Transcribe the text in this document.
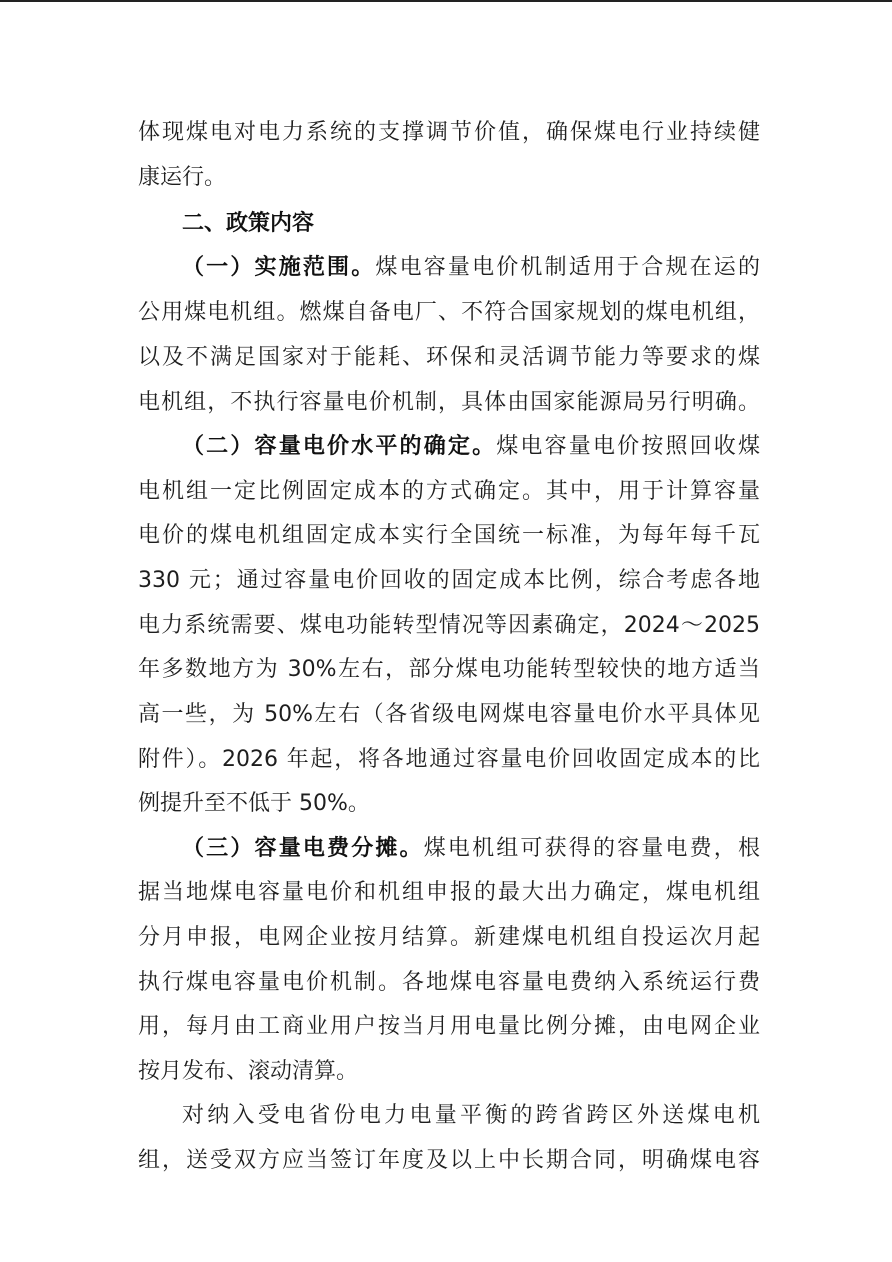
体现煤电对电力系统的支撑调节价值，确保煤电行业持续健
康运行。
二、政策内容
（一）实施范围。煤电容量电价机制适用于合规在运的
公用煤电机组。燃煤自备电厂、不符合国家规划的煤电机组，
以及不满足国家对于能耗、环保和灵活调节能力等要求的煤
电机组，不执行容量电价机制，具体由国家能源局另行明确。
（二）容量电价水平的确定。煤电容量电价按照回收煤
电机组一定比例固定成本的方式确定。其中，用于计算容量
电价的煤电机组固定成本实行全国统一标准，为每年每千瓦
330 元；通过容量电价回收的固定成本比例，综合考虑各地
电力系统需要、煤电功能转型情况等因素确定，2024～2025
年多数地方为 30%左右，部分煤电功能转型较快的地方适当
高一些，为 50%左右（各省级电网煤电容量电价水平具体见
附件）。2026 年起，将各地通过容量电价回收固定成本的比
例提升至不低于 50%。
（三）容量电费分摊。煤电机组可获得的容量电费，根
据当地煤电容量电价和机组申报的最大出力确定，煤电机组
分月申报，电网企业按月结算。新建煤电机组自投运次月起
执行煤电容量电价机制。各地煤电容量电费纳入系统运行费
用，每月由工商业用户按当月用电量比例分摊，由电网企业
按月发布、滚动清算。
对纳入受电省份电力电量平衡的跨省跨区外送煤电机
组，送受双方应当签订年度及以上中长期合同，明确煤电容
